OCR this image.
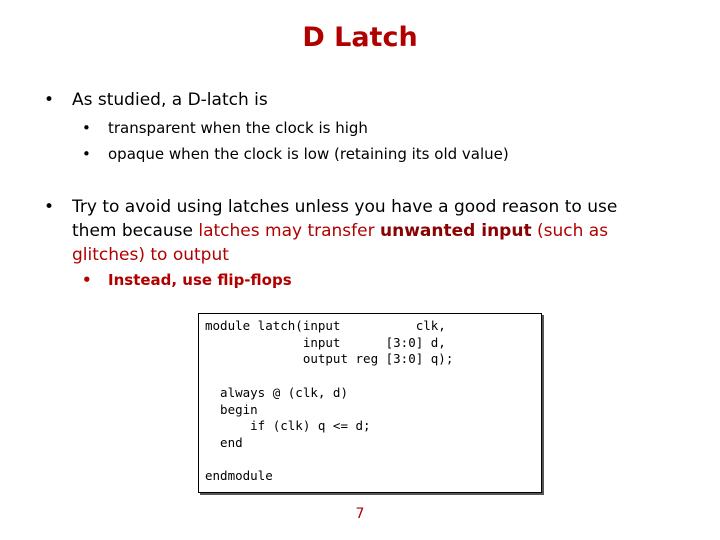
D Latch
• As studied, a D-latch is
• transparent when the clock is high
• opaque when the clock is low (retaining its old value)
• Try to avoid using latches unless you have a good reason to use them because latches may transfer unwanted input (such as glitches) to output
• Instead, use flip-flops
module latch(input          clk,
input      [3:0] d,
output reg [3:0] q);

always @ (clk, d)
begin
if (clk) q <= d;
end

endmodule
7
